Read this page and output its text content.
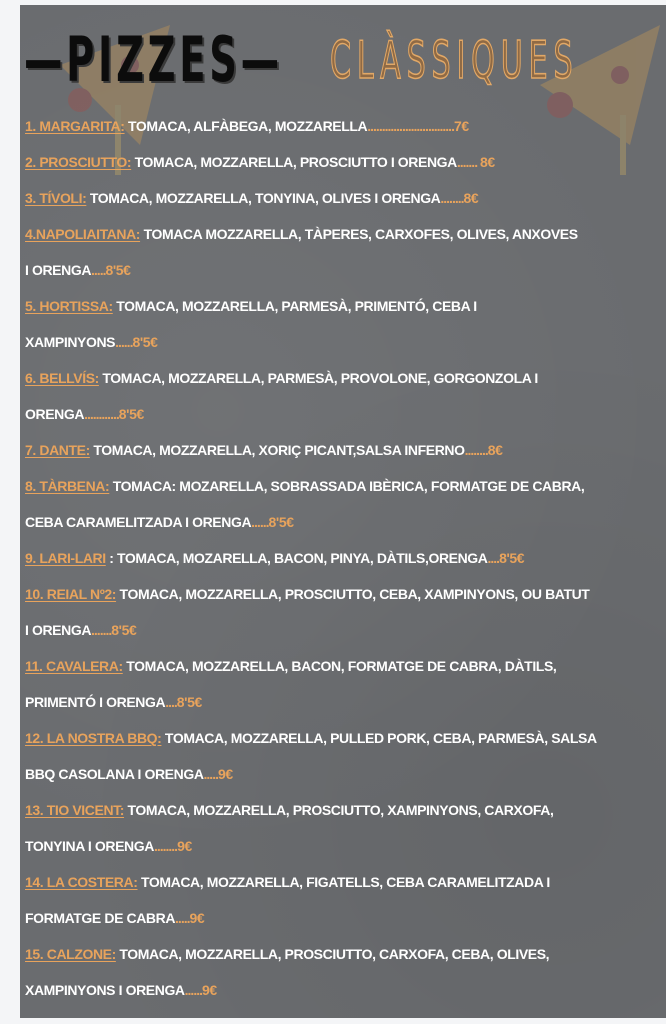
—PIZZES— CLÀSSIQUES
1. MARGARITA: TOMACA, ALFÀBEGA, MOZZARELLA..............................7€
2. PROSCIUTTO: TOMACA, MOZZARELLA, PROSCIUTTO I ORENGA....... 8€
3. TÍVOLI: TOMACA, MOZZARELLA, TONYINA, OLIVES I ORENGA........8€
4.NAPOLIAITANA: TOMACA MOZZARELLA, TÀPERES, CARXOFES, OLIVES, ANXOVES
I ORENGA.....8'5€
5. HORTISSA: TOMACA, MOZZARELLA, PARMESÀ, PRIMENTÓ, CEBA I
XAMPINYONS......8'5€
6. BELLVÍS: TOMACA, MOZZARELLA, PARMESÀ, PROVOLONE, GORGONZOLA I
ORENGA............8'5€
7. DANTE: TOMACA, MOZZARELLA, XORIÇ PICANT,SALSA INFERNO........8€
8. TÀRBENA: TOMACA: MOZARELLA, SOBRASSADA IBÈRICA, FORMATGE DE CABRA,
CEBA CARAMELITZADA I ORENGA......8'5€
9. LARI-LARI : TOMACA, MOZARELLA, BACON, PINYA, DÀTILS,ORENGA....8'5€
10. REIAL Nº2: TOMACA, MOZZARELLA, PROSCIUTTO, CEBA, XAMPINYONS, OU BATUT
I ORENGA.......8'5€
11. CAVALERA: TOMACA, MOZZARELLA, BACON, FORMATGE DE CABRA, DÀTILS,
PRIMENTÓ I ORENGA....8'5€
12. LA NOSTRA BBQ: TOMACA, MOZZARELLA, PULLED PORK, CEBA, PARMESÀ, SALSA
BBQ CASOLANA I ORENGA.....9€
13. TIO VICENT: TOMACA, MOZZARELLA, PROSCIUTTO, XAMPINYONS, CARXOFA,
TONYINA I ORENGA........9€
14. LA COSTERA: TOMACA, MOZZARELLA, FIGATELLS, CEBA CARAMELITZADA I
FORMATGE DE CABRA.....9€
15. CALZONE: TOMACA, MOZZARELLA, PROSCIUTTO, CARXOFA, CEBA, OLIVES,
XAMPINYONS I ORENGA......9€
